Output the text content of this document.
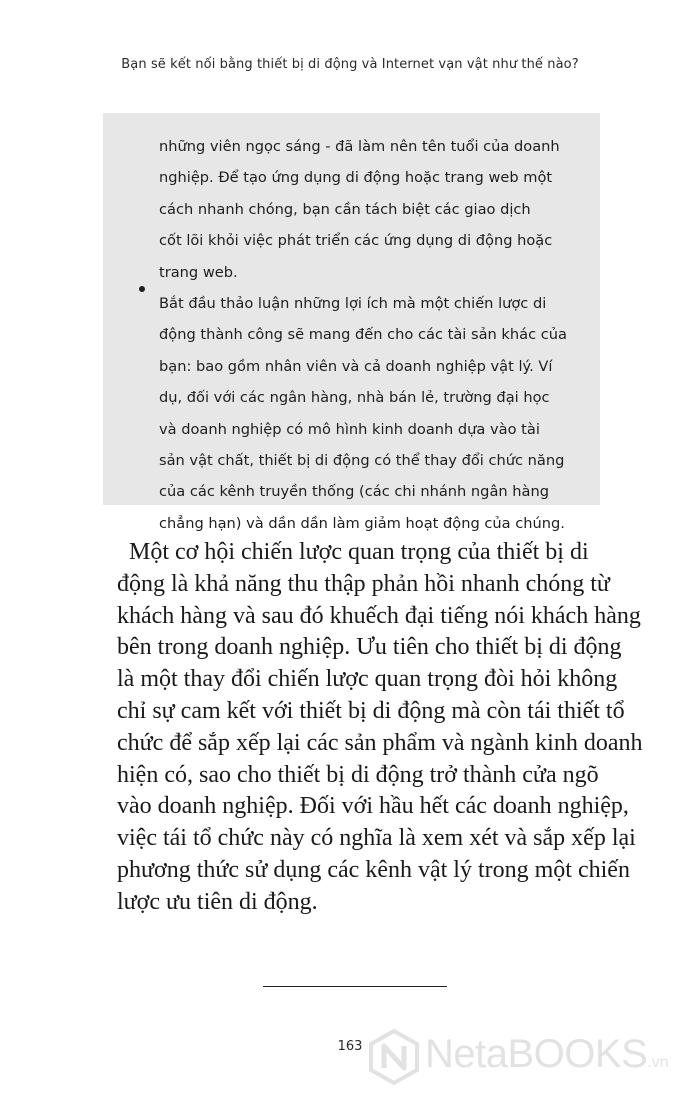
Bạn sẽ kết nối bằng thiết bị di động và Internet vạn vật như thế nào?
những viên ngọc sáng - đã làm nên tên tuổi của doanh
nghiệp. Để tạo ứng dụng di động hoặc trang web một
cách nhanh chóng, bạn cần tách biệt các giao dịch
cốt lõi khỏi việc phát triển các ứng dụng di động hoặc
trang web.
Bắt đầu thảo luận những lợi ích mà một chiến lược di
động thành công sẽ mang đến cho các tài sản khác của
bạn: bao gồm nhân viên và cả doanh nghiệp vật lý. Ví
dụ, đối với các ngân hàng, nhà bán lẻ, trường đại học
và doanh nghiệp có mô hình kinh doanh dựa vào tài
sản vật chất, thiết bị di động có thể thay đổi chức năng
của các kênh truyền thống (các chi nhánh ngân hàng
chẳng hạn) và dần dần làm giảm hoạt động của chúng.
Một cơ hội chiến lược quan trọng của thiết bị di
động là khả năng thu thập phản hồi nhanh chóng từ
khách hàng và sau đó khuếch đại tiếng nói khách hàng
bên trong doanh nghiệp. Ưu tiên cho thiết bị di động
là một thay đổi chiến lược quan trọng đòi hỏi không
chỉ sự cam kết với thiết bị di động mà còn tái thiết tổ
chức để sắp xếp lại các sản phẩm và ngành kinh doanh
hiện có, sao cho thiết bị di động trở thành cửa ngõ
vào doanh nghiệp. Đối với hầu hết các doanh nghiệp,
việc tái tổ chức này có nghĩa là xem xét và sắp xếp lại
phương thức sử dụng các kênh vật lý trong một chiến
lược ưu tiên di động.
163	NetaBOOKS.vn
